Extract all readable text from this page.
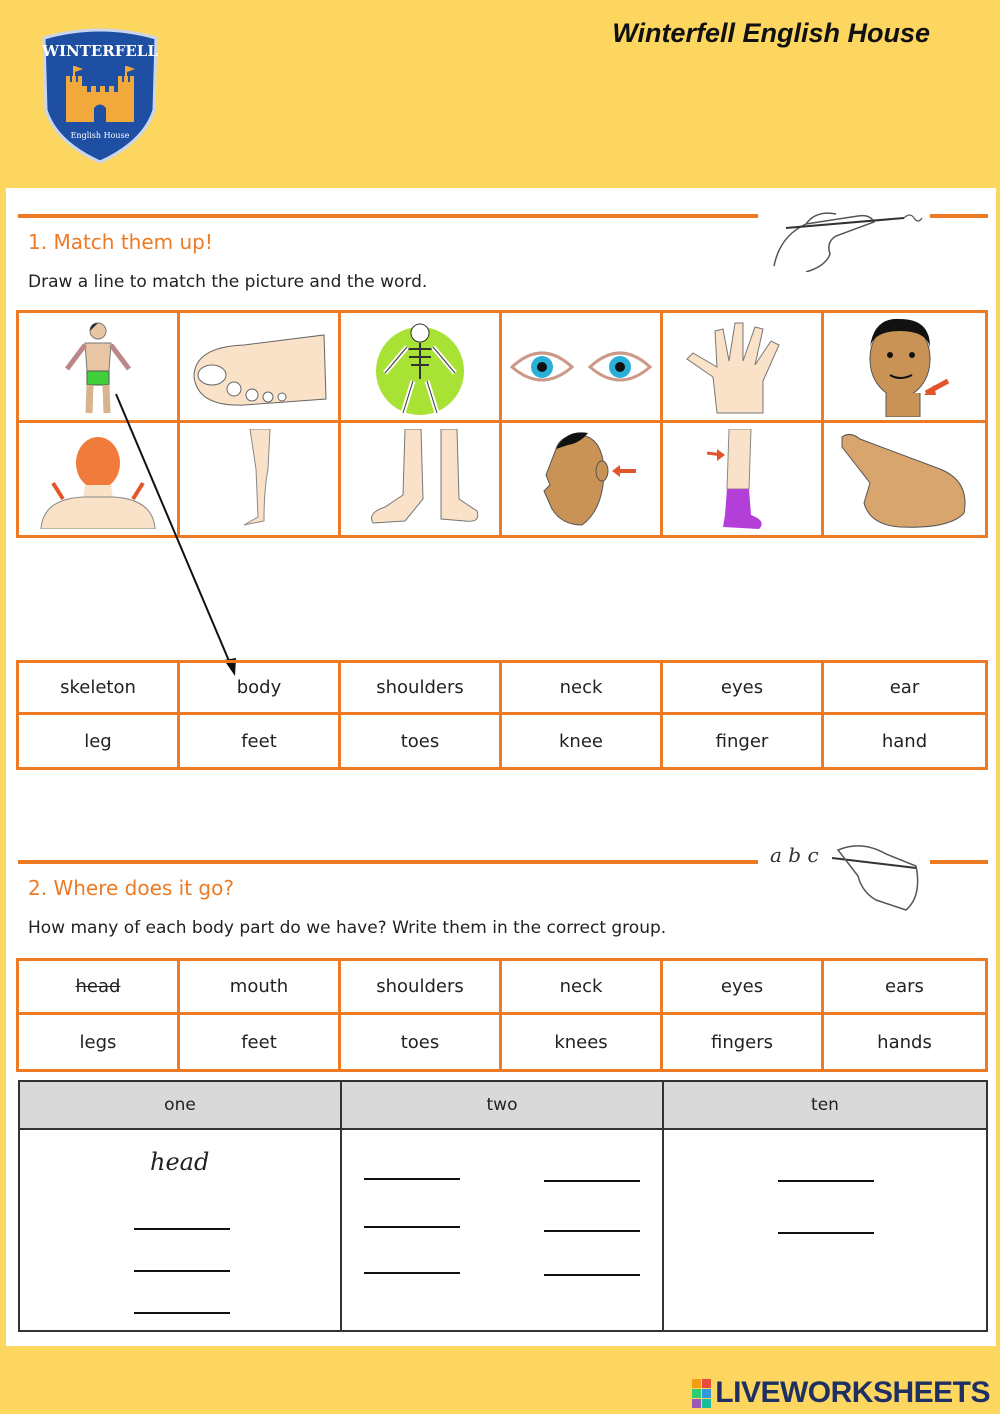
WINTERFELL
English House
Winterfell English House
1. Match them up!
Draw a line to match the picture and the word.
skeleton	body	shoulders	neck	eyes	ear
leg	feet	toes	knee	finger	hand
a b c
2. Where does it go?
How many of each body part do we have? Write them in the correct group.
head	mouth	shoulders	neck	eyes	ears
legs	feet	toes	knees	fingers	hands
one	two	ten
head
LIVEWORKSHEETS
